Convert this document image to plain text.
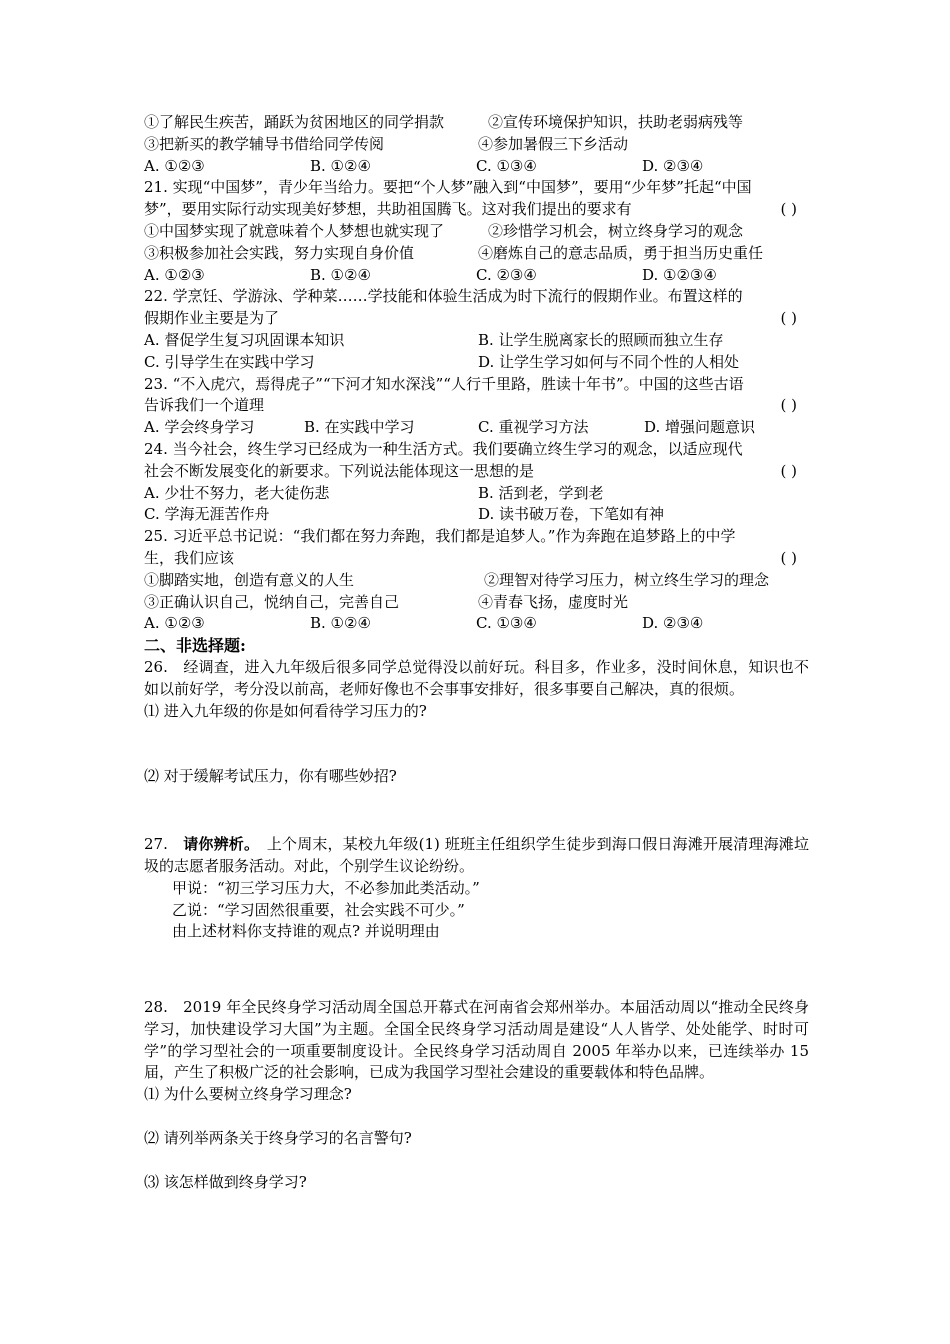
①了解民生疾苦，踊跃为贫困地区的同学捐款	②宣传环境保护知识，扶助老弱病残等
③把新买的教学辅导书借给同学传阅	④参加暑假三下乡活动
A. ①②③	B. ①②④	C. ①③④	D. ②③④
21. 实现“中国梦”，青少年当给力。要把“个人梦”融入到“中国梦”，要用“少年梦”托起“中国
梦”，要用实际行动实现美好梦想，共助祖国腾飞。这对我们提出的要求有	( )
①中国梦实现了就意味着个人梦想也就实现了	②珍惜学习机会，树立终身学习的观念
③积极参加社会实践，努力实现自身价值	④磨炼自己的意志品质，勇于担当历史重任
A. ①②③	B. ①②④	C. ②③④	D. ①②③④
22. 学烹饪、学游泳、学种菜……学技能和体验生活成为时下流行的假期作业。布置这样的
假期作业主要是为了	( )
A. 督促学生复习巩固课本知识	B. 让学生脱离家长的照顾而独立生存
C. 引导学生在实践中学习	D. 让学生学习如何与不同个性的人相处
23. “不入虎穴，焉得虎子”“下河才知水深浅”“人行千里路，胜读十年书”。中国的这些古语
告诉我们一个道理	( )
A. 学会终身学习	B. 在实践中学习	C. 重视学习方法	D. 增强问题意识
24. 当今社会，终生学习已经成为一种生活方式。我们要确立终生学习的观念，以适应现代
社会不断发展变化的新要求。下列说法能体现这一思想的是	( )
A. 少壮不努力，老大徒伤悲	B. 活到老，学到老
C. 学海无涯苦作舟	D. 读书破万卷，下笔如有神
25. 习近平总书记说：“我们都在努力奔跑，我们都是追梦人。”作为奔跑在追梦路上的中学
生，我们应该	( )
①脚踏实地，创造有意义的人生	②理智对待学习压力，树立终生学习的理念
③正确认识自己，悦纳自己，完善自己	④青春飞扬，虚度时光
A. ①②③	B. ①②④	C. ①③④	D. ②③④
二、非选择题:
26.　经调查，进入九年级后很多同学总觉得没以前好玩。科目多，作业多，没时间休息，知识也不如以前好学，考分没以前高，老师好像也不会事事安排好，很多事要自己解决，真的很烦。
⑴ 进入九年级的你是如何看待学习压力的?
⑵ 对于缓解考试压力，你有哪些妙招?
27.　 请你辨析。　 上个周末，某校九年级(1) 班班主任组织学生徒步到海口假日海滩开展清理海滩垃圾的志愿者服务活动。对此，个别学生议论纷纷。
甲说：“初三学习压力大，不必参加此类活动。”
乙说：“学习固然很重要，社会实践不可少。”
由上述材料你支持谁的观点? 并说明理由
28.　2019 年全民终身学习活动周全国总开幕式在河南省会郑州举办。本届活动周以“推动全民终身学习，加快建设学习大国”为主题。全国全民终身学习活动周是建设“人人皆学、处处能学、时时可学”的学习型社会的一项重要制度设计。全民终身学习活动周自 2005 年举办以来，已连续举办 15 届，产生了积极广泛的社会影响，已成为我国学习型社会建设的重要载体和特色品牌。
⑴ 为什么要树立终身学习理念?
⑵ 请列举两条关于终身学习的名言警句?
⑶ 该怎样做到终身学习?
